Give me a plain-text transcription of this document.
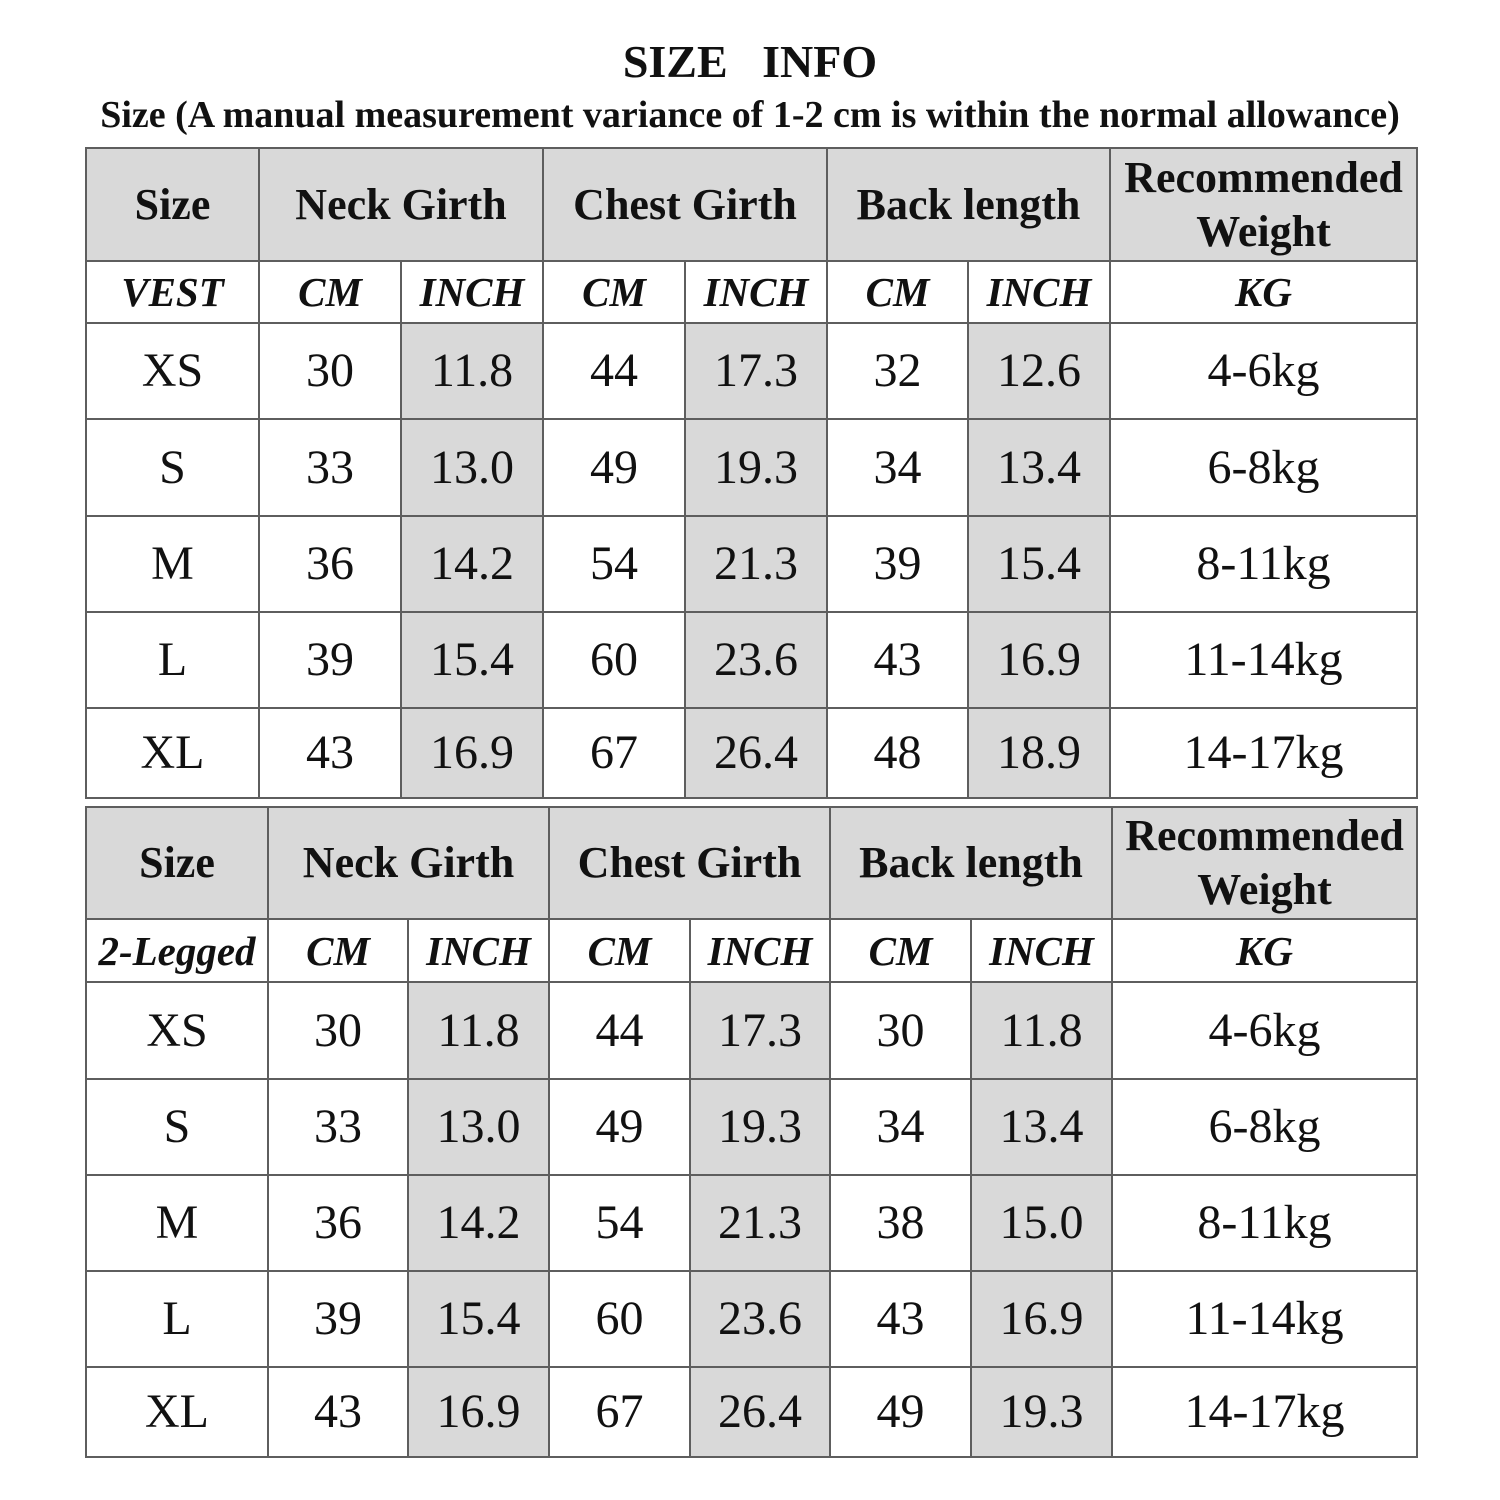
SIZE   INFO
Size (A manual measurement variance of 1-2 cm is within the normal allowance)
Size	Neck Girth		Chest Girth		Back length		Recommended Weight
VEST	CM	INCH	CM	INCH	CM	INCH	KG
XS	30	11.8	44	17.3	32	12.6	4-6kg
S	33	13.0	49	19.3	34	13.4	6-8kg
M	36	14.2	54	21.3	39	15.4	8-11kg
L	39	15.4	60	23.6	43	16.9	11-14kg
XL	43	16.9	67	26.4	48	18.9	14-17kg
Size	Neck Girth		Chest Girth		Back length		Recommended Weight
2-Legged	CM	INCH	CM	INCH	CM	INCH	KG
XS	30	11.8	44	17.3	30	11.8	4-6kg
S	33	13.0	49	19.3	34	13.4	6-8kg
M	36	14.2	54	21.3	38	15.0	8-11kg
L	39	15.4	60	23.6	43	16.9	11-14kg
XL	43	16.9	67	26.4	49	19.3	14-17kg
